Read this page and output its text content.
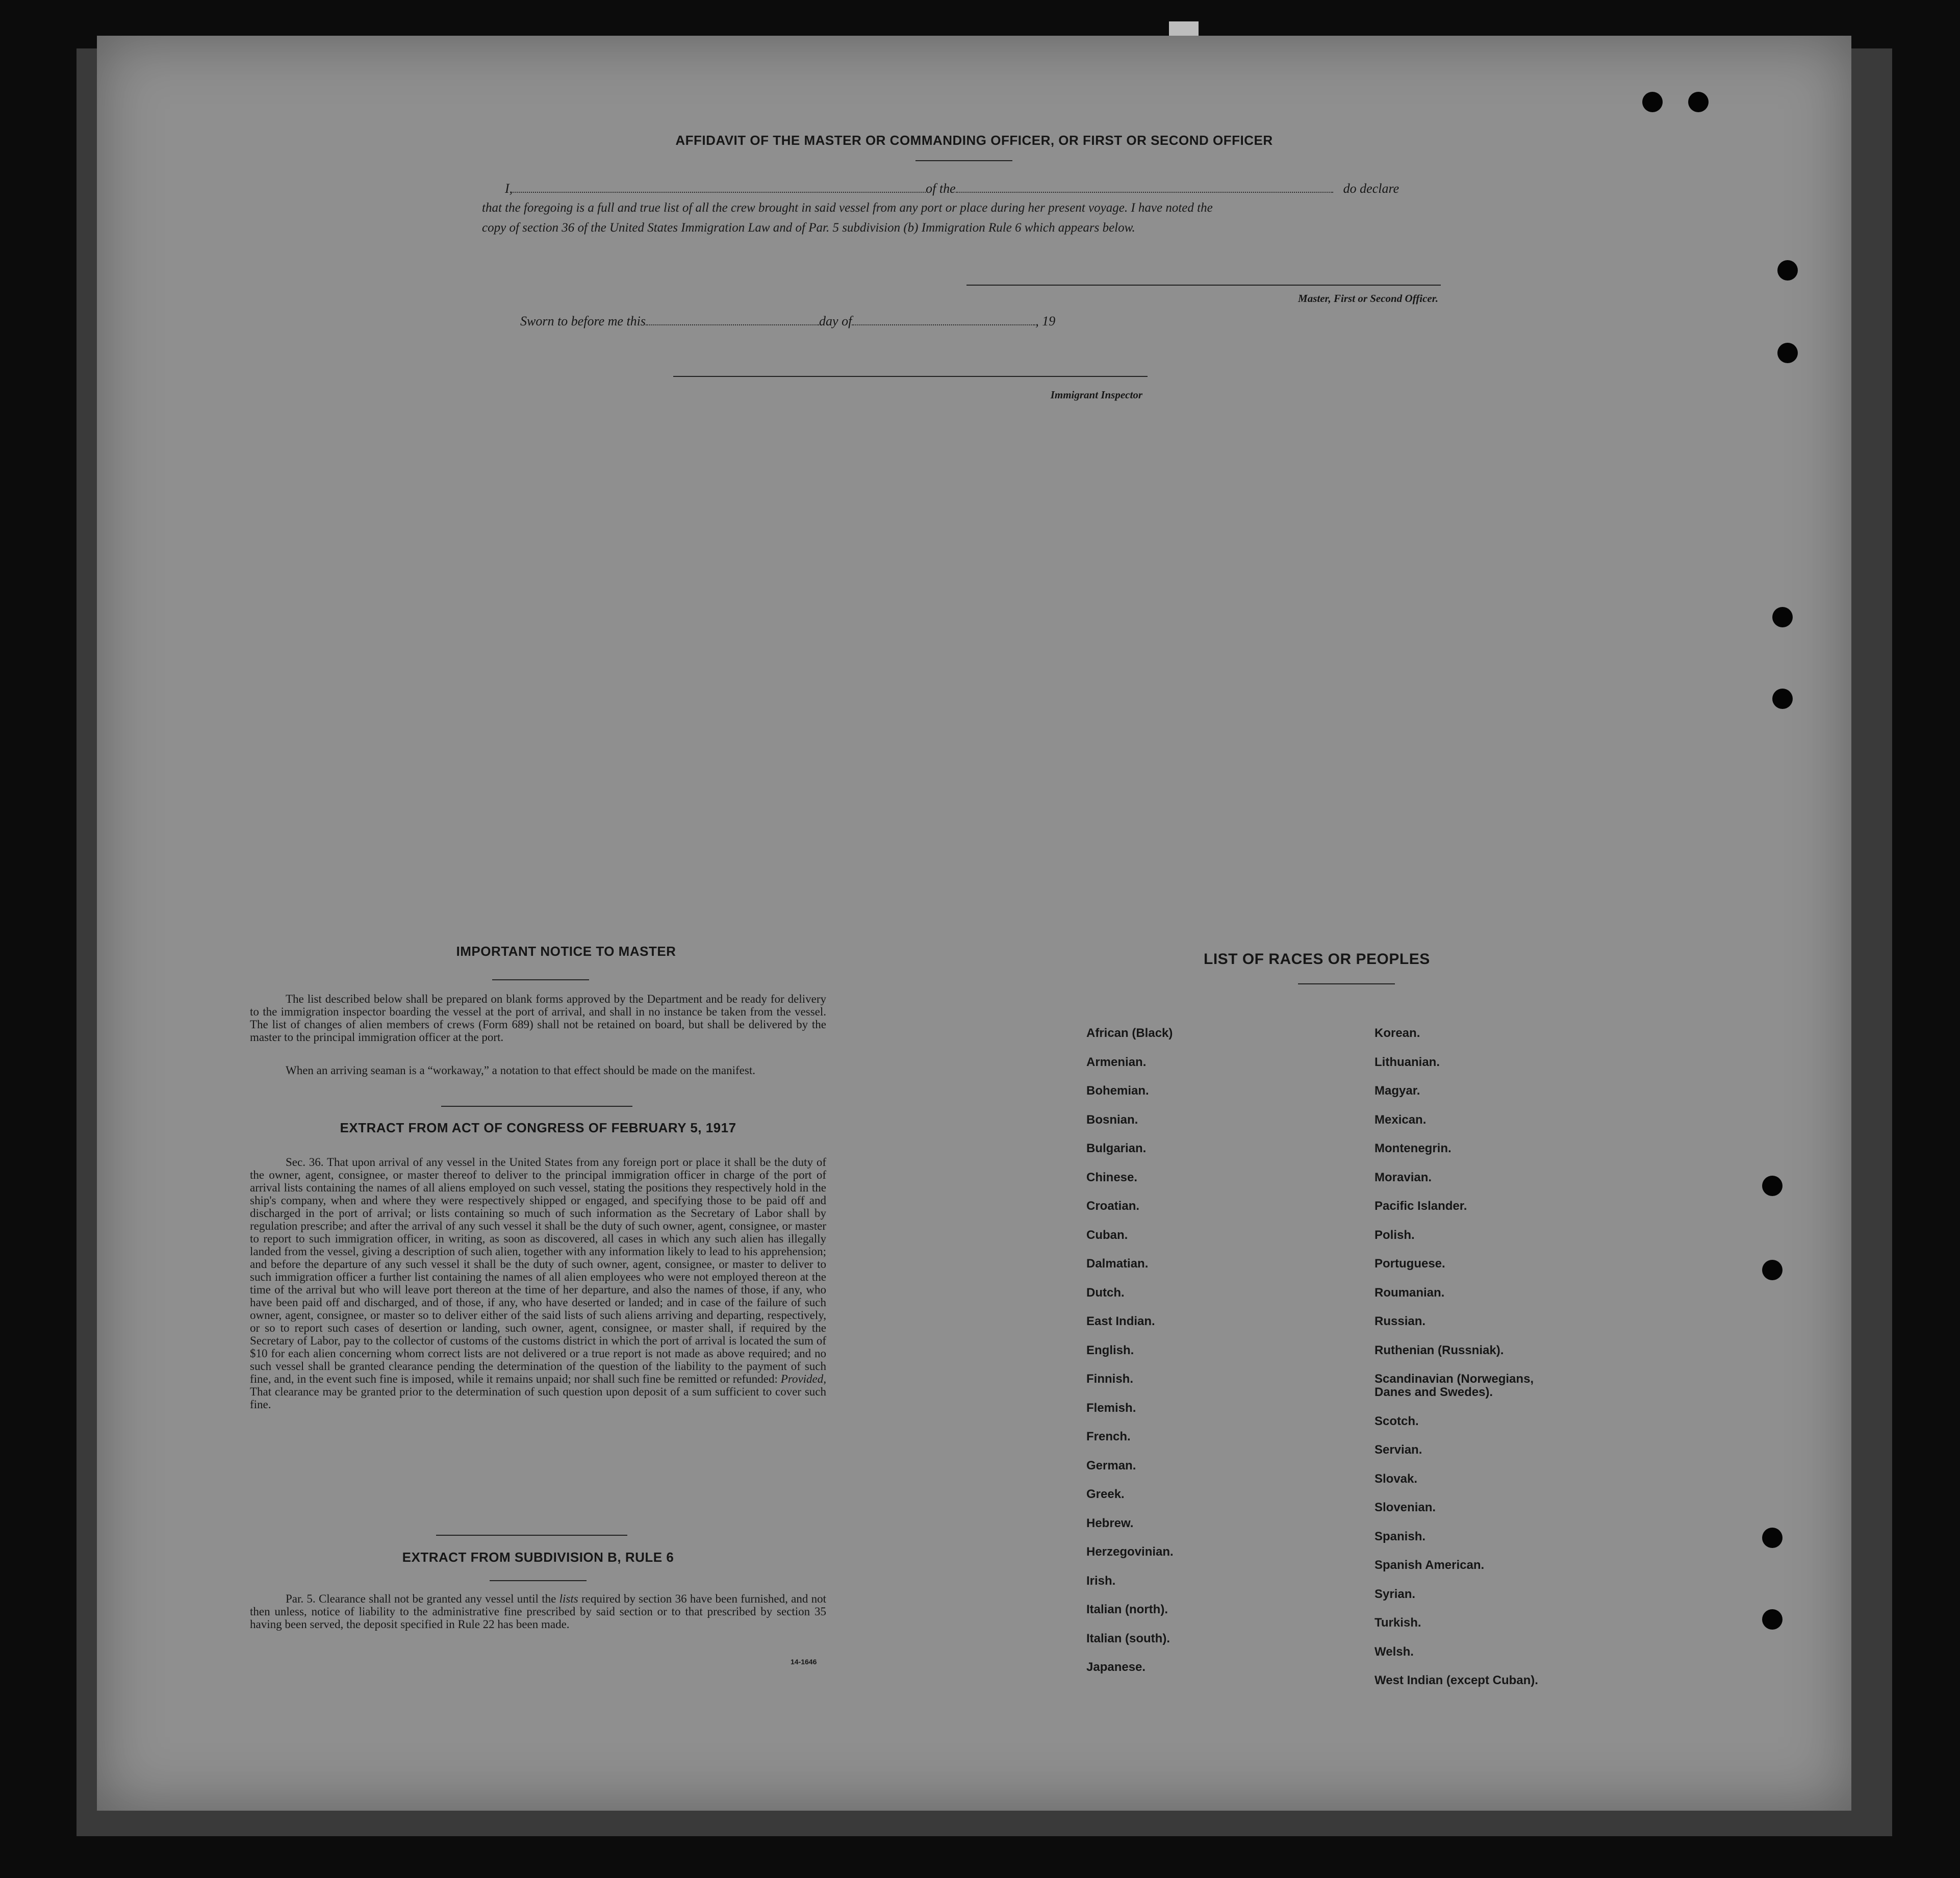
AFFIDAVIT OF THE MASTER OR COMMANDING OFFICER, OR FIRST OR SECOND OFFICER
I,	of the	do declare
that the foregoing is a full and true list of all the crew brought in said vessel from any port or place during her present voyage. I have noted the
copy of section 36 of the United States Immigration Law and of Par. 5 subdivision (b) Immigration Rule 6 which appears below.
Master, First or Second Officer.
Sworn to before me this	day of	, 19
Immigrant Inspector
IMPORTANT NOTICE TO MASTER
The list described below shall be prepared on blank forms approved by the Department and be ready for delivery to the immigration inspector boarding the vessel at the port of arrival, and shall in no instance be taken from the vessel. The list of changes of alien members of crews (Form 689) shall not be retained on board, but shall be delivered by the master to the principal immigration officer at the port.
When an arriving seaman is a “workaway,” a notation to that effect should be made on the manifest.
EXTRACT FROM ACT OF CONGRESS OF FEBRUARY 5, 1917
Sec. 36. That upon arrival of any vessel in the United States from any foreign port or place it shall be the duty of the owner, agent, consignee, or master thereof to deliver to the principal immigration officer in charge of the port of arrival lists containing the names of all aliens employed on such vessel, stating the positions they respectively hold in the ship's company, when and where they were respectively shipped or engaged, and specifying those to be paid off and discharged in the port of arrival; or lists containing so much of such information as the Secretary of Labor shall by regulation prescribe; and after the arrival of any such vessel it shall be the duty of such owner, agent, consignee, or master to report to such immigration officer, in writing, as soon as discovered, all cases in which any such alien has illegally landed from the vessel, giving a description of such alien, together with any information likely to lead to his apprehension; and before the departure of any such vessel it shall be the duty of such owner, agent, consignee, or master to deliver to such immigration officer a further list containing the names of all alien employees who were not employed thereon at the time of the arrival but who will leave port thereon at the time of her departure, and also the names of those, if any, who have been paid off and discharged, and of those, if any, who have deserted or landed; and in case of the failure of such owner, agent, consignee, or master so to deliver either of the said lists of such aliens arriving and departing, respectively, or so to report such cases of desertion or landing, such owner, agent, consignee, or master shall, if required by the Secretary of Labor, pay to the collector of customs of the customs district in which the port of arrival is located the sum of $10 for each alien concerning whom correct lists are not delivered or a true report is not made as above required; and no such vessel shall be granted clearance pending the determination of the question of the liability to the payment of such fine, and, in the event such fine is imposed, while it remains unpaid; nor shall such fine be remitted or refunded: Provided, That clearance may be granted prior to the determination of such question upon deposit of a sum sufficient to cover such fine.
EXTRACT FROM SUBDIVISION B, RULE 6
Par. 5. Clearance shall not be granted any vessel until the lists required by section 36 have been furnished, and not then unless, notice of liability to the administrative fine prescribed by said section or to that prescribed by section 35 having been served, the deposit specified in Rule 22 has been made.
14-1646
LIST OF RACES OR PEOPLES
African (Black)
Armenian.
Bohemian.
Bosnian.
Bulgarian.
Chinese.
Croatian.
Cuban.
Dalmatian.
Dutch.
East Indian.
English.
Finnish.
Flemish.
French.
German.
Greek.
Hebrew.
Herzegovinian.
Irish.
Italian (north).
Italian (south).
Japanese.
Korean.
Lithuanian.
Magyar.
Mexican.
Montenegrin.
Moravian.
Pacific Islander.
Polish.
Portuguese.
Roumanian.
Russian.
Ruthenian (Russniak).
Scandinavian (Norwegians,
Danes and Swedes).
Scotch.
Servian.
Slovak.
Slovenian.
Spanish.
Spanish American.
Syrian.
Turkish.
Welsh.
West Indian (except Cuban).
